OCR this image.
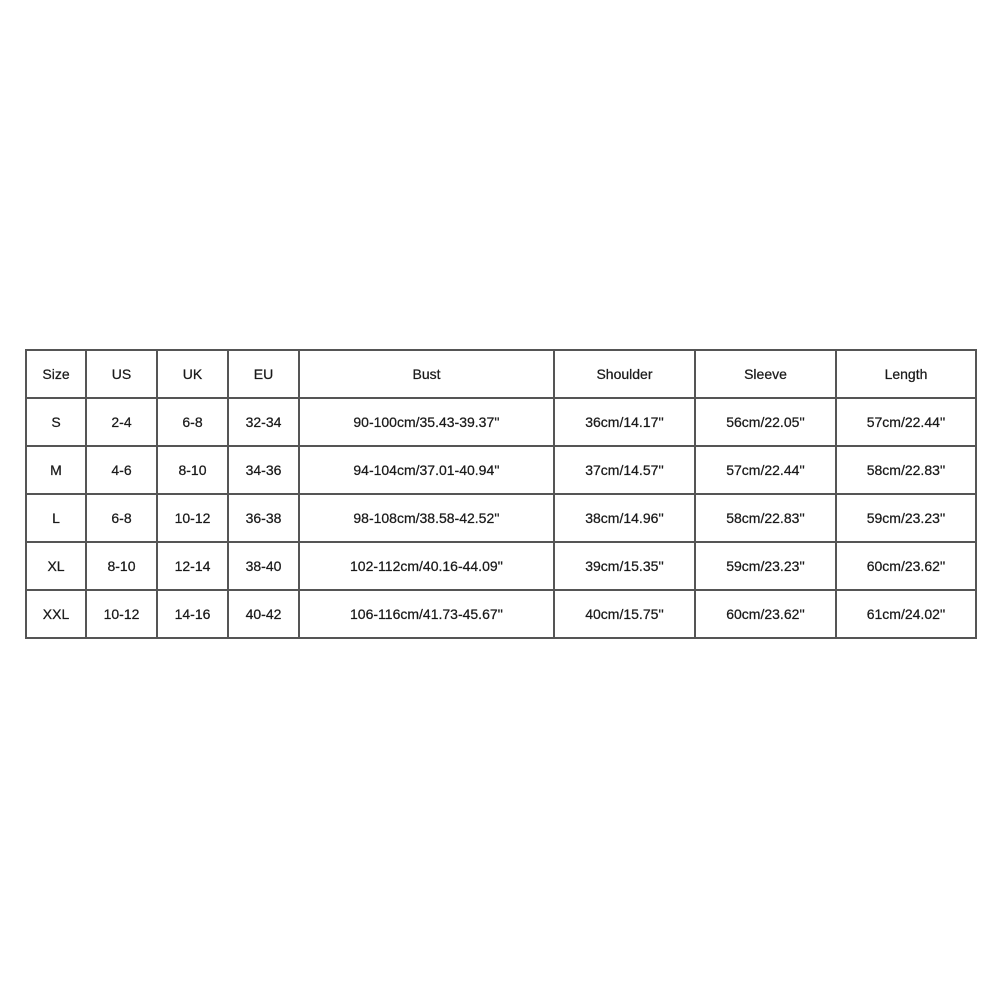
Size	US	UK	EU	Bust	Shoulder	Sleeve	Length
S	2-4	6-8	32-34	90-100cm/35.43-39.37''	36cm/14.17''	56cm/22.05''	57cm/22.44''
M	4-6	8-10	34-36	94-104cm/37.01-40.94''	37cm/14.57''	57cm/22.44''	58cm/22.83''
L	6-8	10-12	36-38	98-108cm/38.58-42.52''	38cm/14.96''	58cm/22.83''	59cm/23.23''
XL	8-10	12-14	38-40	102-112cm/40.16-44.09''	39cm/15.35''	59cm/23.23''	60cm/23.62''
XXL	10-12	14-16	40-42	106-116cm/41.73-45.67''	40cm/15.75''	60cm/23.62''	61cm/24.02''
